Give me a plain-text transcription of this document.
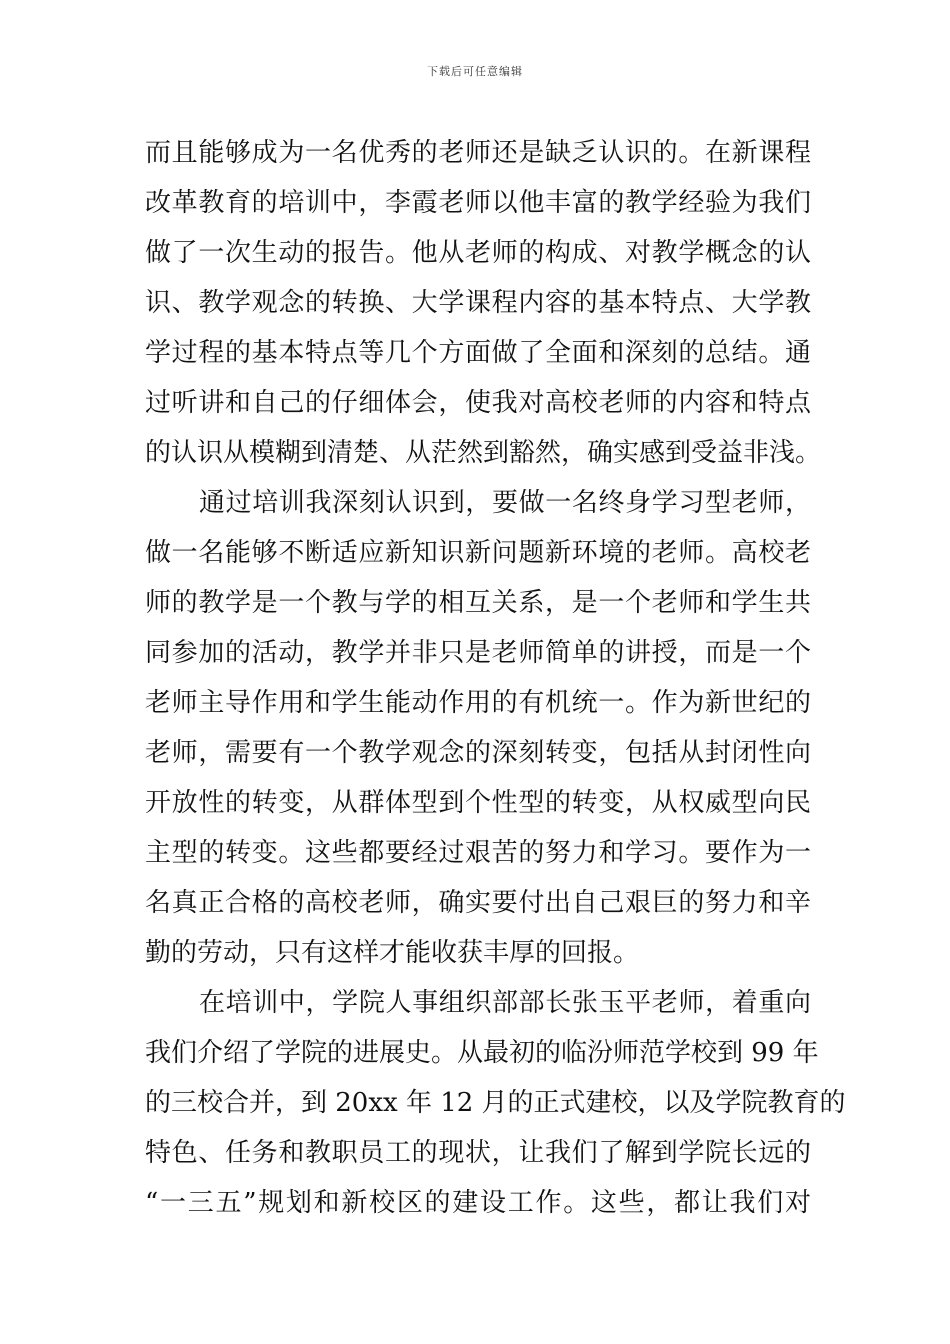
下载后可任意编辑
而且能够成为一名优秀的老师还是缺乏认识的。在新课程
改革教育的培训中，李霞老师以他丰富的教学经验为我们
做了一次生动的报告。他从老师的构成、对教学概念的认
识、教学观念的转换、大学课程内容的基本特点、大学教
学过程的基本特点等几个方面做了全面和深刻的总结。通
过听讲和自己的仔细体会，使我对高校老师的内容和特点
的认识从模糊到清楚、从茫然到豁然，确实感到受益非浅。
通过培训我深刻认识到，要做一名终身学习型老师，
做一名能够不断适应新知识新问题新环境的老师。高校老
师的教学是一个教与学的相互关系，是一个老师和学生共
同参加的活动，教学并非只是老师简单的讲授，而是一个
老师主导作用和学生能动作用的有机统一。作为新世纪的
老师，需要有一个教学观念的深刻转变，包括从封闭性向
开放性的转变，从群体型到个性型的转变，从权威型向民
主型的转变。这些都要经过艰苦的努力和学习。要作为一
名真正合格的高校老师，确实要付出自己艰巨的努力和辛
勤的劳动，只有这样才能收获丰厚的回报。
在培训中，学院人事组织部部长张玉平老师，着重向
我们介绍了学院的进展史。从最初的临汾师范学校到 99 年
的三校合并，到 20xx 年 12 月的正式建校，以及学院教育的
特色、任务和教职员工的现状，让我们了解到学院长远的
“一三五”规划和新校区的建设工作。这些，都让我们对
